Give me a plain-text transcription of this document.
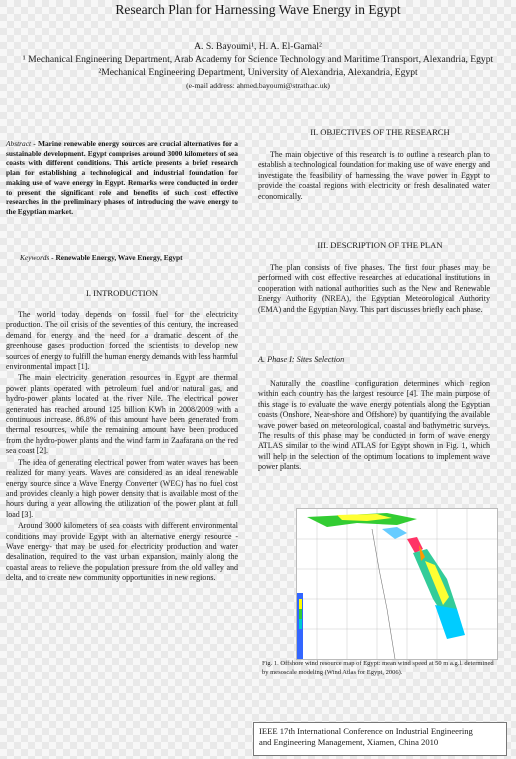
Research Plan for Harnessing Wave Energy in Egypt
A. S. Bayoumi¹, H. A. El-Gamal²
¹ Mechanical Engineering Department, Arab Academy for Science Technology and Maritime Transport, Alexandria, Egypt
²Mechanical Engineering Department, University of Alexandria, Alexandria, Egypt
(e-mail address: ahmed.bayoumi@strath.ac.uk)
Abstract - Marine renewable energy sources are crucial alternatives for a sustainable development. Egypt comprises around 3000 kilometers of sea coasts with different conditions. This article presents a brief research plan for establishing a technological and industrial foundation for making use of wave energy in Egypt. Remarks were conducted in order to present the significant role and benefits of such cost effective researches in the preliminary phases of introducing the wave energy to the Egyptian market.
Keywords - Renewable Energy, Wave Energy, Egypt
I. INTRODUCTION

The world today depends on fossil fuel for the electricity production. The oil crisis of the seventies of this century, the increased demand for energy and the need for a dramatic descent of the greenhouse gases production forced the scientists to develop new sources of energy to fulfill the human energy demands with less harmful environmental impact [1].

The main electricity generation resources in Egypt are thermal power plants operated with petroleum fuel and/or natural gas, and hydro-power plants located at the river Nile. The electrical power generated has reached around 125 billion KWh in 2008/2009 with a continuous increase. 86.8% of this amount have been generated from thermal resources, while the remaining amount have been produced from the hydro-power plants and the wind farm in Zaafarana on the red sea coast [2].

The idea of generating electrical power from water waves has been realized for many years. Waves are considered as an ideal renewable energy source since a Wave Energy Converter (WEC) has no fuel cost and provides cleanly a high power density that is available most of the hours during a year allowing the utilization of the power plant at full load [3].

Around 3000 kilometers of sea coasts with different environmental conditions may provide Egypt with an alternative energy resource -Wave energy- that may be used for electricity production and water desalination, required to the vast urban expansion, mainly along the coastal areas to relieve the population pressure from the old valley and delta, and to create new community opportunities in new regions.

II. OBJECTIVES OF THE RESEARCH

The main objective of this research is to outline a research plan to establish a technological foundation for making use of wave energy and investigate the feasibility of harnessing the wave power in Egypt to provide the coastal regions with electricity or fresh desalinated water economically.

III. DESCRIPTION OF THE PLAN

The plan consists of five phases. The first four phases may be performed with cost effective researches at educational institutions in cooperation with national authorities such as the New and Renewable Energy Authority (NREA), the Egyptian Meteorological Authority (EMA) and the Egyptian Navy. This part discusses briefly each phase.

A. Phase I: Sites Selection

Naturally the coastline configuration determines which region within each country has the largest resource [4]. The main purpose of this stage is to evaluate the wave energy potentials along the Egyptian coasts (Onshore, Near-shore and Offshore) by quantifying the available wave power based on meteorological, coastal and bathymetric surveys. The results of this phase may be conducted in form of wave energy ATLAS similar to the wind ATLAS for Egypt shown in Fig. 1, which will help in the selection of the optimum locations to implement wave power plants.

Fig. 1. Offshore wind resource map of Egypt: mean wind speed at 50 m a.g.l. determined by mesoscale modeling (Wind Atlas for Egypt, 2006).
IEEE 17th International Conference on Industrial Engineering
and Engineering Management, Xiamen, China 2010
